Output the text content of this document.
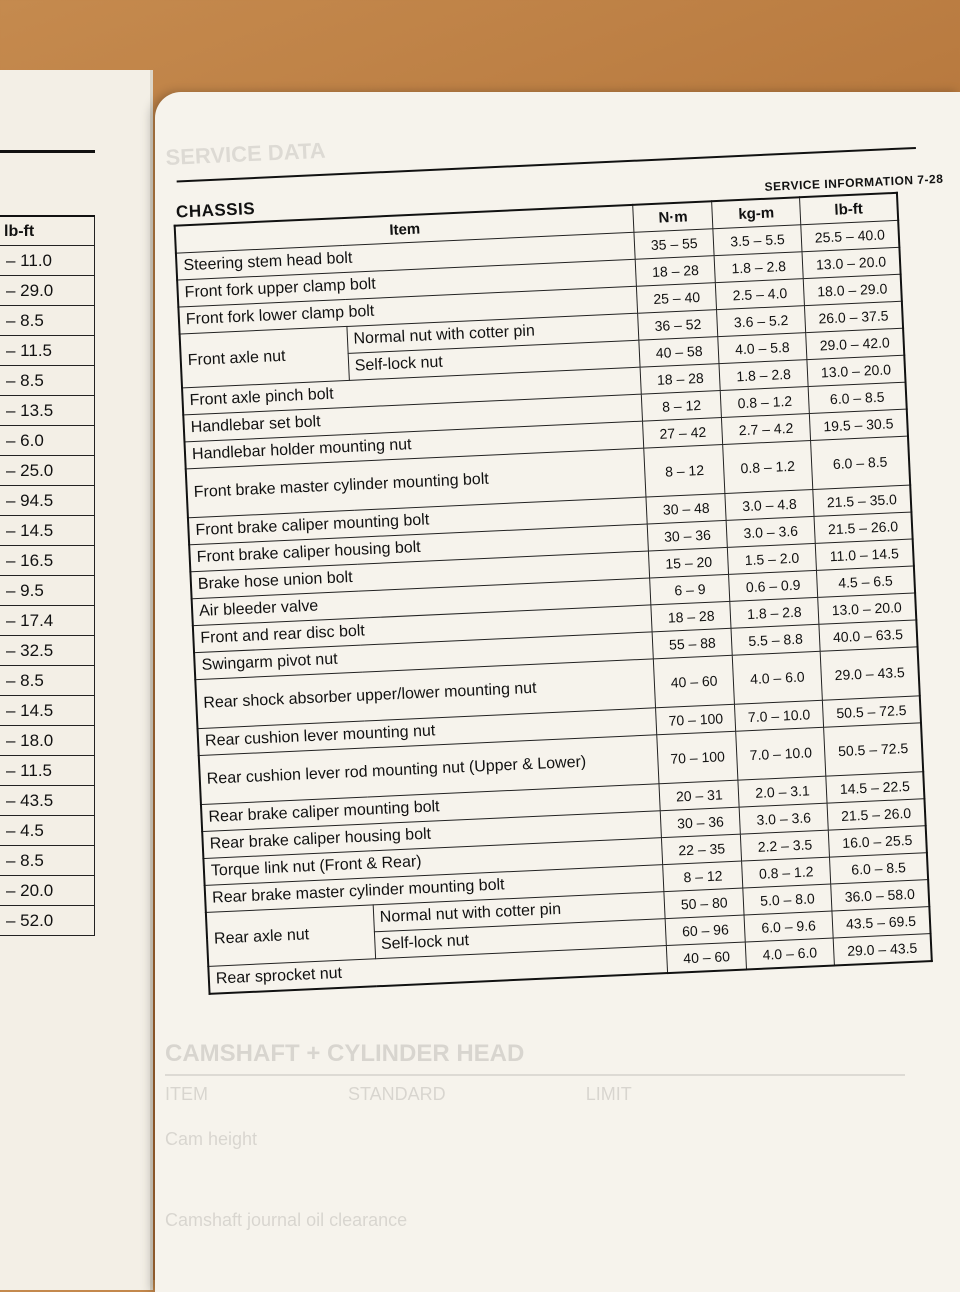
lb-ft
– 11.0
– 29.0
– 8.5
– 11.5
– 8.5
– 13.5
– 6.0
– 25.0
– 94.5
– 14.5
– 16.5
– 9.5
– 17.4
– 32.5
– 8.5
– 14.5
– 18.0
– 11.5
– 43.5
– 4.5
– 8.5
– 20.0
– 52.0
SERVICE DATA
CHASSIS
SERVICE INFORMATION 7-28
Item		N·m	kg-m	lb-ft
Steering stem head bolt		35 – 55	3.5 – 5.5	25.5 – 40.0
Front fork upper clamp bolt		18 – 28	1.8 – 2.8	13.0 – 20.0
Front fork lower clamp bolt		25 – 40	2.5 – 4.0	18.0 – 29.0
Front axle nut	Normal nut with cotter pin	36 – 52	3.6 – 5.2	26.0 – 37.5
	Self-lock nut	40 – 58	4.0 – 5.8	29.0 – 42.0
Front axle pinch bolt		18 – 28	1.8 – 2.8	13.0 – 20.0
Handlebar set bolt		8 – 12	0.8 – 1.2	6.0 – 8.5
Handlebar holder mounting nut		27 – 42	2.7 – 4.2	19.5 – 30.5
Front brake master cylinder mounting bolt		8 – 12	0.8 – 1.2	6.0 – 8.5
Front brake caliper mounting bolt		30 – 48	3.0 – 4.8	21.5 – 35.0
Front brake caliper housing bolt		30 – 36	3.0 – 3.6	21.5 – 26.0
Brake hose union bolt		15 – 20	1.5 – 2.0	11.0 – 14.5
Air bleeder valve		6 – 9	0.6 – 0.9	4.5 – 6.5
Front and rear disc bolt		18 – 28	1.8 – 2.8	13.0 – 20.0
Swingarm pivot nut		55 – 88	5.5 – 8.8	40.0 – 63.5
Rear shock absorber upper/lower mounting nut		40 – 60	4.0 – 6.0	29.0 – 43.5
Rear cushion lever mounting nut		70 – 100	7.0 – 10.0	50.5 – 72.5
Rear cushion lever rod mounting nut (Upper & Lower)		70 – 100	7.0 – 10.0	50.5 – 72.5
Rear brake caliper mounting bolt		20 – 31	2.0 – 3.1	14.5 – 22.5
Rear brake caliper housing bolt		30 – 36	3.0 – 3.6	21.5 – 26.0
Torque link nut (Front & Rear)		22 – 35	2.2 – 3.5	16.0 – 25.5
Rear brake master cylinder mounting bolt		8 – 12	0.8 – 1.2	6.0 – 8.5
Rear axle nut	Normal nut with cotter pin	50 – 80	5.0 – 8.0	36.0 – 58.0
	Self-lock nut	60 – 96	6.0 – 9.6	43.5 – 69.5
Rear sprocket nut		40 – 60	4.0 – 6.0	29.0 – 43.5
CAMSHAFT + CYLINDER HEAD
ITEM	STANDARD	LIMIT
Cam height
Camshaft journal oil clearance
